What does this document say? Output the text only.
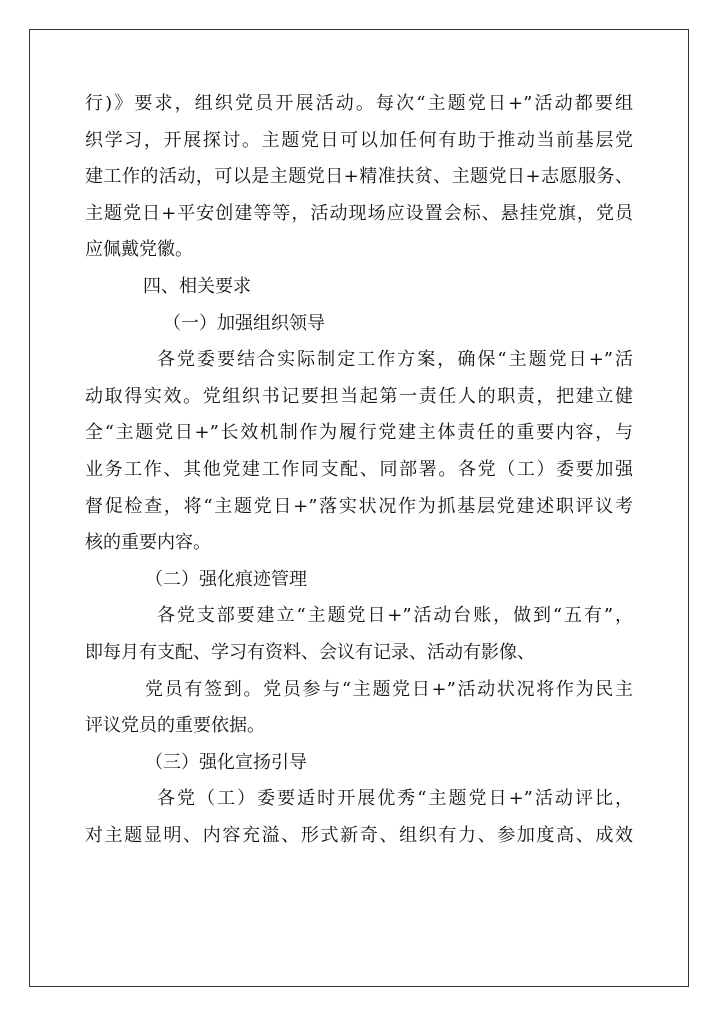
行)》要求，组织党员开展活动。每次“主题党日+”活动都要组
织学习，开展探讨。主题党日可以加任何有助于推动当前基层党
建工作的活动，可以是主题党日+精准扶贫、主题党日+志愿服务、
主题党日+平安创建等等，活动现场应设置会标、悬挂党旗，党员
应佩戴党徽。
四、相关要求
（一）加强组织领导
各党委要结合实际制定工作方案，确保“主题党日+”活
动取得实效。党组织书记要担当起第一责任人的职责，把建立健
全“主题党日+”长效机制作为履行党建主体责任的重要内容，与
业务工作、其他党建工作同支配、同部署。各党（工）委要加强
督促检查，将“主题党日+”落实状况作为抓基层党建述职评议考
核的重要内容。
（二）强化痕迹管理
各党支部要建立“主题党日+”活动台账，做到“五有”，
即每月有支配、学习有资料、会议有记录、活动有影像、
党员有签到。党员参与“主题党日+”活动状况将作为民主
评议党员的重要依据。
（三）强化宣扬引导
各党（工）委要适时开展优秀“主题党日+”活动评比，
对主题显明、内容充溢、形式新奇、组织有力、参加度高、成效
